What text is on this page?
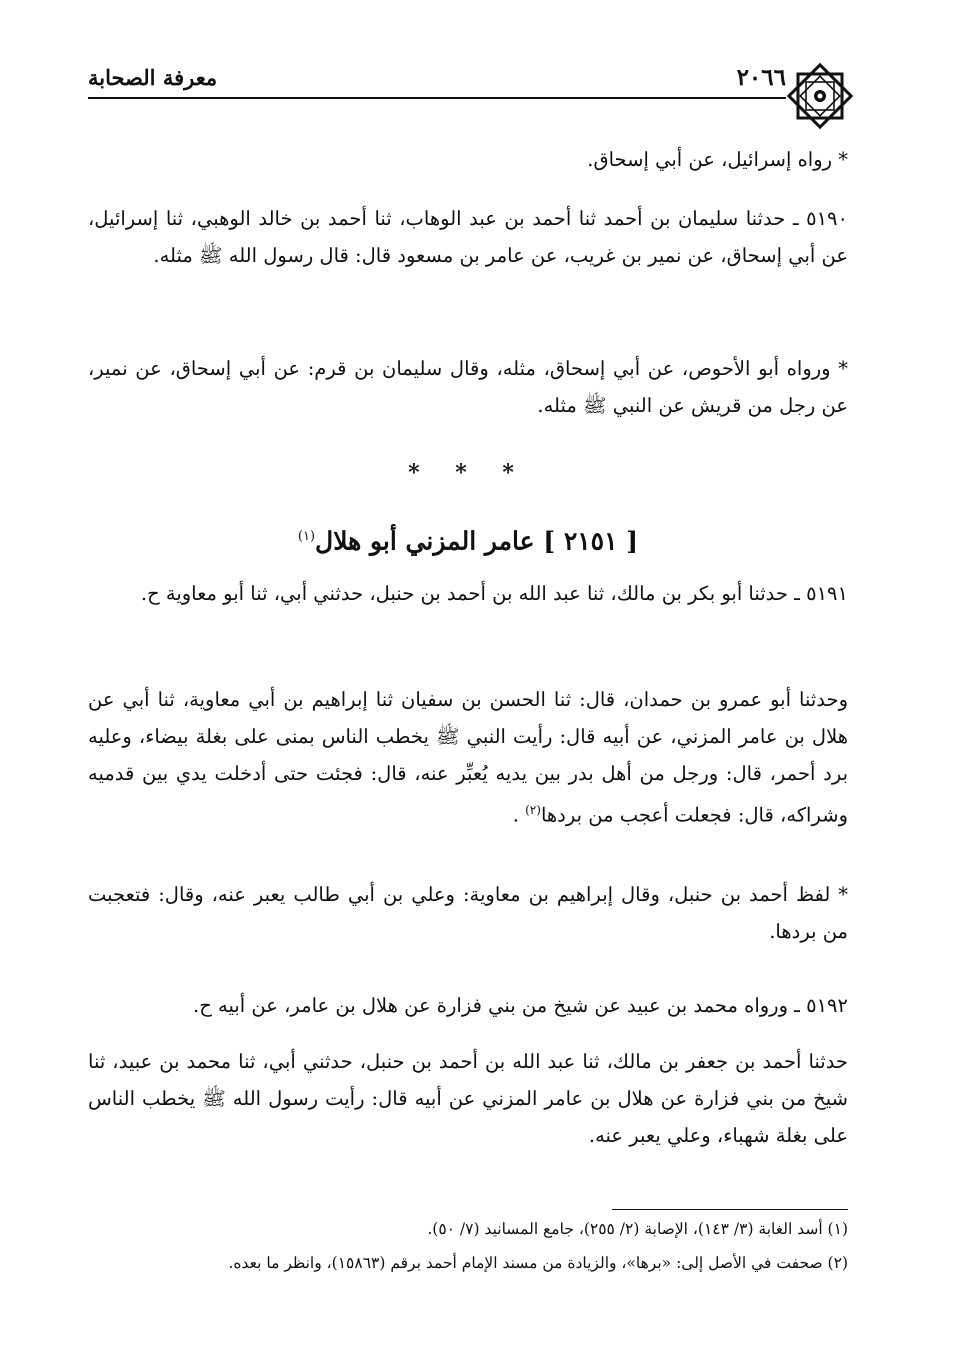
٢٠٦٦
معرفة الصحابة

* رواه إسرائيل، عن أبي إسحاق.

٥١٩٠ ـ حدثنا سليمان بن أحمد ثنا أحمد بن عبد الوهاب، ثنا أحمد بن خالد الوهبي، ثنا إسرائيل، عن أبي إسحاق، عن نمير بن غريب، عن عامر بن مسعود قال: قال رسول الله ﷺ مثله.

* ورواه أبو الأحوص، عن أبي إسحاق، مثله، وقال سليمان بن قرم: عن أبي إسحاق، عن نمير، عن رجل من قريش عن النبي ﷺ مثله.

* * *
[ ٢١٥١ ] عامر المزني أبو هلال$^{(١)}$

٥١٩١ ـ حدثنا أبو بكر بن مالك، ثنا عبد الله بن أحمد بن حنبل، حدثني أبي، ثنا أبو معاوية ح.

وحدثنا أبو عمرو بن حمدان، قال: ثنا الحسن بن سفيان ثنا إبراهيم بن أبي معاوية، ثنا أبي عن هلال بن عامر المزني، عن أبيه قال: رأيت النبي ﷺ يخطب الناس بمنى على بغلة بيضاء، وعليه برد أحمر، قال: ورجل من أهل بدر بين يديه يُعبِّر عنه، قال: فجئت حتى أدخلت يدي بين قدميه وشراكه، قال: فجعلت أعجب من بردها$^{(٢)}$ .

* لفظ أحمد بن حنبل، وقال إبراهيم بن معاوية: وعلي بن أبي طالب يعبر عنه، وقال: فتعجبت من بردها.

٥١٩٢ ـ ورواه محمد بن عبيد عن شيخ من بني فزارة عن هلال بن عامر، عن أبيه ح.

حدثنا أحمد بن جعفر بن مالك، ثنا عبد الله بن أحمد بن حنبل، حدثني أبي، ثنا محمد بن عبيد، ثنا شيخ من بني فزارة عن هلال بن عامر المزني عن أبيه قال: رأيت رسول الله ﷺ يخطب الناس على بغلة شهباء، وعلي يعبر عنه.

(١) أسد الغابة (٣/ ١٤٣)، الإصابة (٢/ ٢٥٥)، جامع المسانيد (٧/ ٥٠).

(٢) صحفت في الأصل إلى: «برها»، والزيادة من مسند الإمام أحمد برقم (١٥٨٦٣)، وانظر ما بعده.
